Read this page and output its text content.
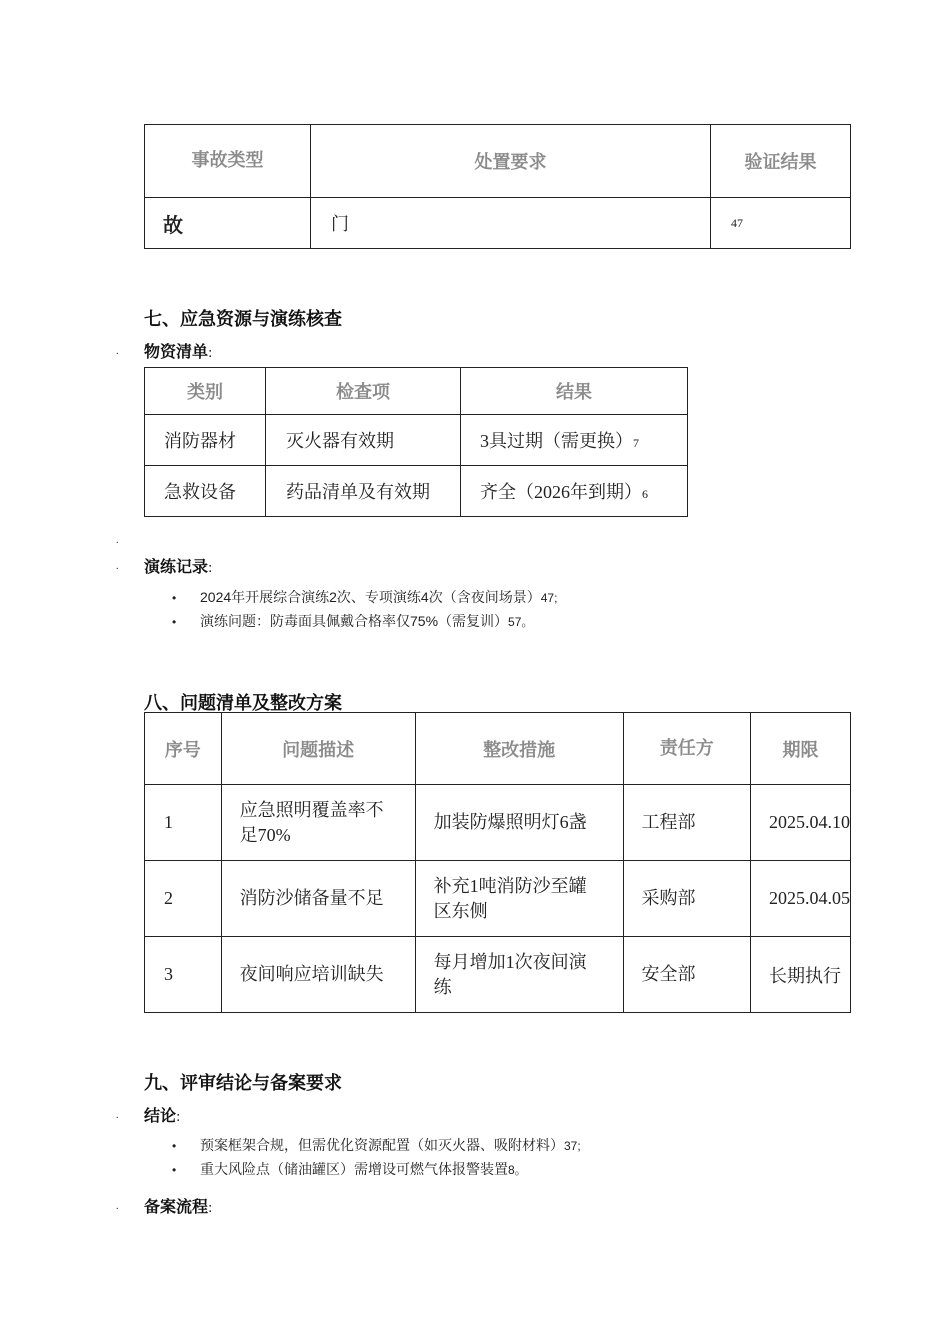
事故类型	处置要求	验证结果
故	门	47
七、应急资源与演练核查
. 物资清单:
类别	检查项	结果
消防器材	灭火器有效期	3具过期（需更换）7
急救设备	药品清单及有效期	齐全（2026年到期）6
.
. 演练记录:
• 2024年开展综合演练2次、专项演练4次（含夜间场景）47;
• 演练问题：防毒面具佩戴合格率仅75%（需复训）57。
八、问题清单及整改方案
序号	问题描述	整改措施	责任方	期限
1	应急照明覆盖率不足70%	加装防爆照明灯6盏	工程部	2025.04.10
2	消防沙储备量不足	补充1吨消防沙至罐区东侧	采购部	2025.04.05
3	夜间响应培训缺失	每月增加1次夜间演练	安全部	长期执行
九、评审结论与备案要求
. 结论:
• 预案框架合规，但需优化资源配置（如灭火器、吸附材料）37;
• 重大风险点（储油罐区）需增设可燃气体报警装置8。
. 备案流程:
